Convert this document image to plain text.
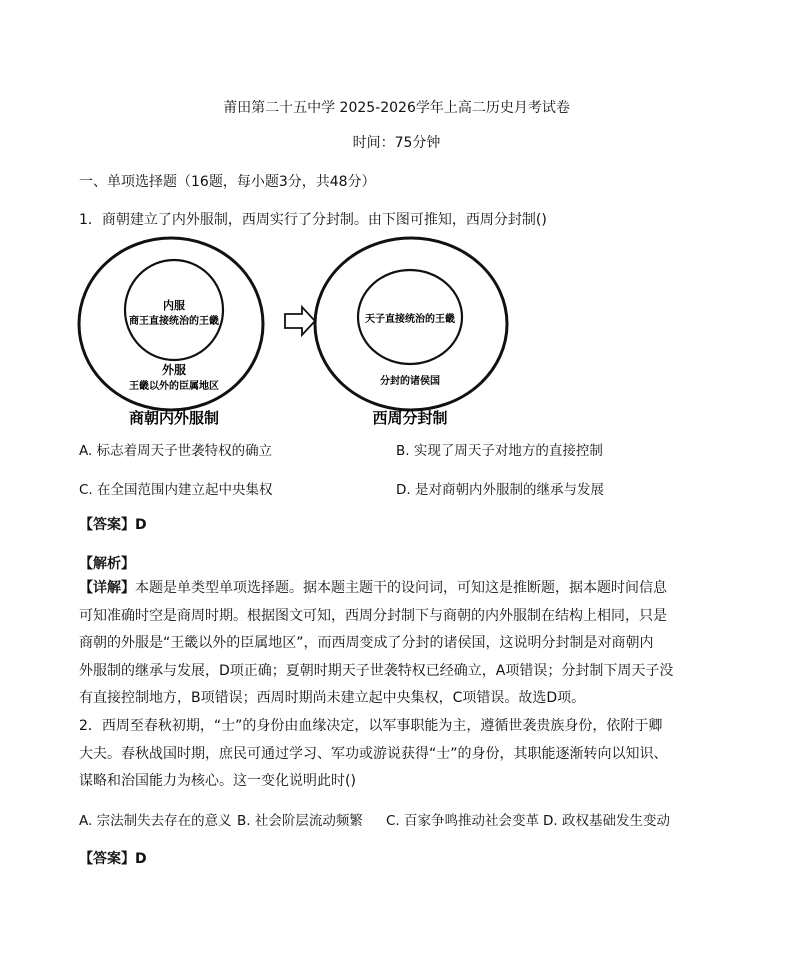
莆田第二十五中学 2025-2026学年上高二历史月考试卷
时间：75分钟
一、单项选择题（16题，每小题3分，共48分）
1．商朝建立了内外服制，西周实行了分封制。由下图可推知，西周分封制()
内服
商王直接统治的王畿
外服
王畿以外的臣属地区
商朝内外服制
天子直接统治的王畿
分封的诸侯国
西周分封制
A. 标志着周天子世袭特权的确立	B. 实现了周天子对地方的直接控制
C. 在全国范围内建立起中央集权	D. 是对商朝内外服制的继承与发展
【答案】D
【解析】
【详解】本题是单类型单项选择题。据本题主题干的设问词，可知这是推断题，据本题时间信息
可知准确时空是商周时期。根据图文可知，西周分封制下与商朝的内外服制在结构上相同，只是
商朝的外服是“王畿以外的臣属地区”，而西周变成了分封的诸侯国，这说明分封制是对商朝内
外服制的继承与发展，D项正确；夏朝时期天子世袭特权已经确立，A项错误；分封制下周天子没
有直接控制地方，B项错误；西周时期尚未建立起中央集权，C项错误。故选D项。
2．西周至春秋初期，“士”的身份由血缘决定，以军事职能为主，遵循世袭贵族身份，依附于卿
大夫。春秋战国时期，庶民可通过学习、军功或游说获得“士”的身份，其职能逐渐转向以知识、
谋略和治国能力为核心。这一变化说明此时()
A. 宗法制失去存在的意义 B. 社会阶层流动频繁 C. 百家争鸣推动社会变革 D. 政权基础发生变动
【答案】D
